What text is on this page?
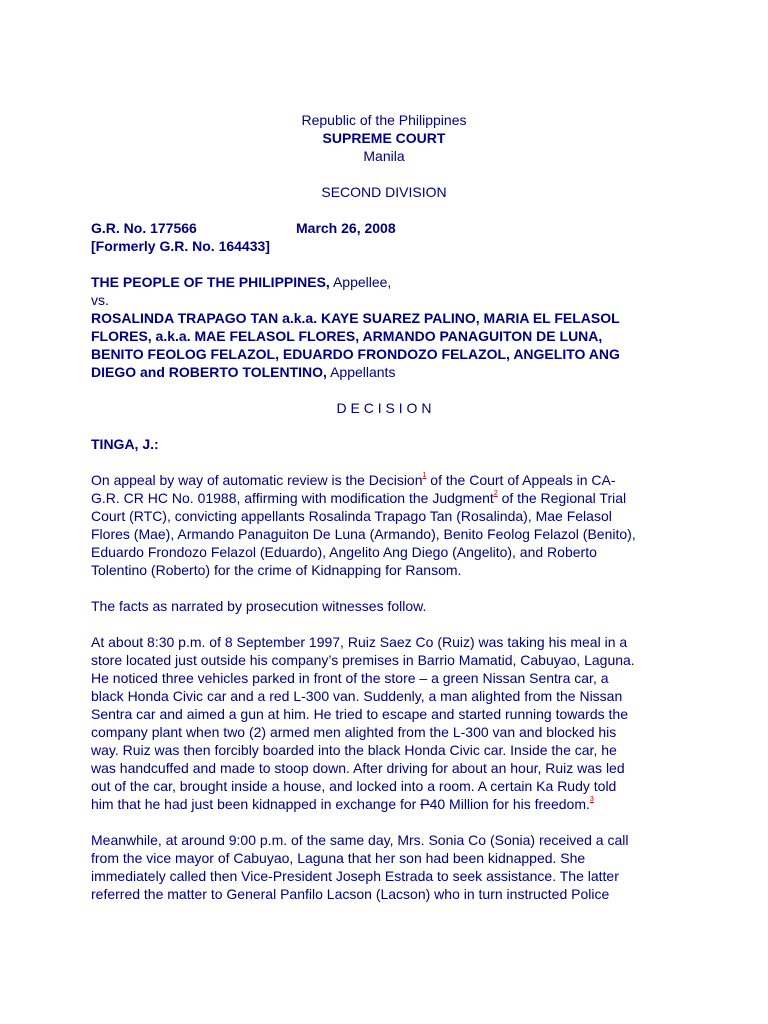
Republic of the Philippines
SUPREME COURT
Manila
SECOND DIVISION
G.R. No. 177566	March 26, 2008
[Formerly G.R. No. 164433]
THE PEOPLE OF THE PHILIPPINES, Appellee,
vs.
ROSALINDA TRAPAGO TAN a.k.a. KAYE SUAREZ PALINO, MARIA EL FELASOL
FLORES, a.k.a. MAE FELASOL FLORES, ARMANDO PANAGUITON DE LUNA,
BENITO FEOLOG FELAZOL, EDUARDO FRONDOZO FELAZOL, ANGELITO ANG
DIEGO and ROBERTO TOLENTINO, Appellants
D E C I S I O N
TINGA, J.:
On appeal by way of automatic review is the Decision$^1$ of the Court of Appeals in CA-
G.R. CR HC No. 01988, affirming with modification the Judgment$^2$ of the Regional Trial
Court (RTC), convicting appellants Rosalinda Trapago Tan (Rosalinda), Mae Felasol
Flores (Mae), Armando Panaguiton De Luna (Armando), Benito Feolog Felazol (Benito),
Eduardo Frondozo Felazol (Eduardo), Angelito Ang Diego (Angelito), and Roberto
Tolentino (Roberto) for the crime of Kidnapping for Ransom.
The facts as narrated by prosecution witnesses follow.
At about 8:30 p.m. of 8 September 1997, Ruiz Saez Co (Ruiz) was taking his meal in a
store located just outside his company’s premises in Barrio Mamatid, Cabuyao, Laguna.
He noticed three vehicles parked in front of the store – a green Nissan Sentra car, a
black Honda Civic car and a red L-300 van. Suddenly, a man alighted from the Nissan
Sentra car and aimed a gun at him. He tried to escape and started running towards the
company plant when two (2) armed men alighted from the L-300 van and blocked his
way. Ruiz was then forcibly boarded into the black Honda Civic car. Inside the car, he
was handcuffed and made to stoop down. After driving for about an hour, Ruiz was led
out of the car, brought inside a house, and locked into a room. A certain Ka Rudy told
him that he had just been kidnapped in exchange for P40 Million for his freedom.$^3$
Meanwhile, at around 9:00 p.m. of the same day, Mrs. Sonia Co (Sonia) received a call
from the vice mayor of Cabuyao, Laguna that her son had been kidnapped. She
immediately called then Vice-President Joseph Estrada to seek assistance. The latter
referred the matter to General Panfilo Lacson (Lacson) who in turn instructed Police
